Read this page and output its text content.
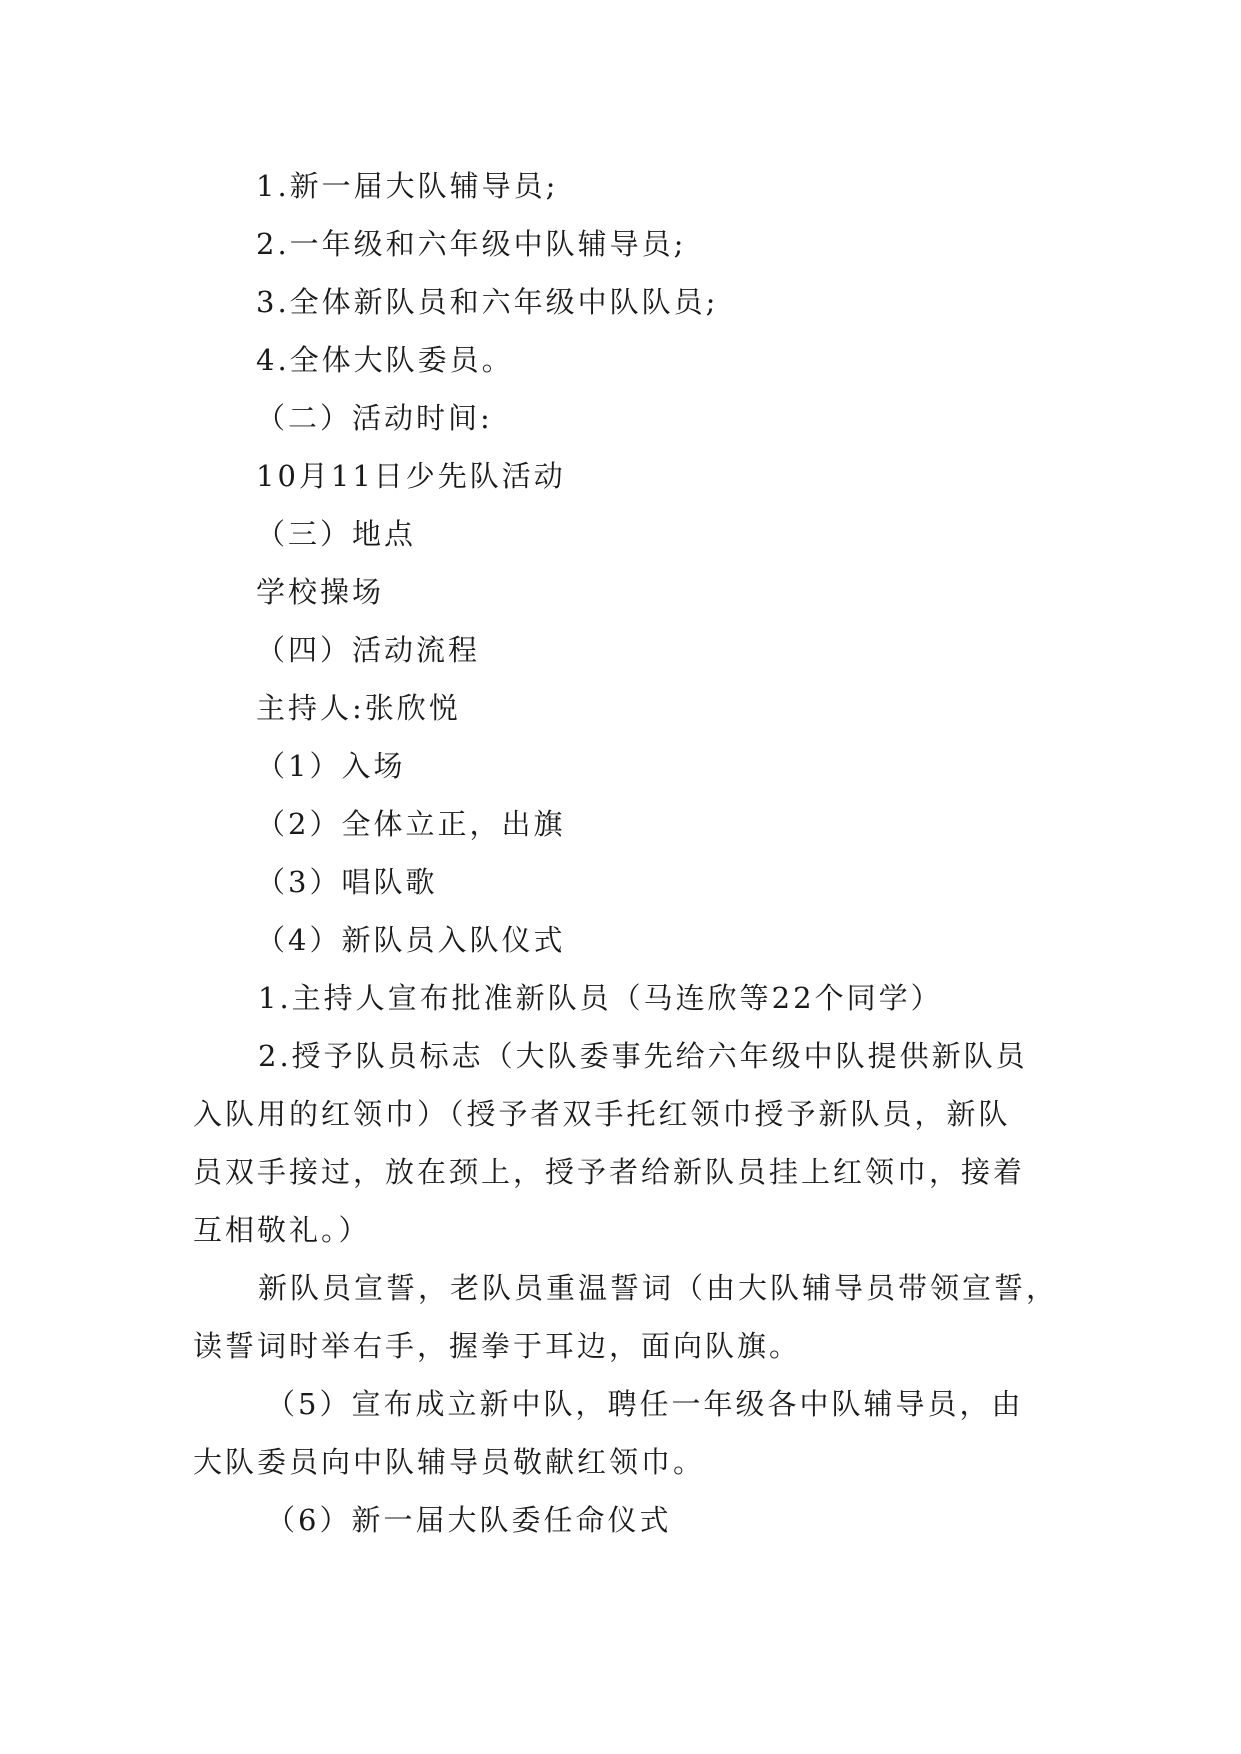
1.新一届大队辅导员;

2.一年级和六年级中队辅导员;

3.全体新队员和六年级中队队员;

4.全体大队委员。

（二）活动时间:

10月11日少先队活动

（三）地点

学校操场

（四）活动流程

主持人:张欣悦

（1）入场

（2）全体立正，出旗

（3）唱队歌

（4）新队员入队仪式

1.主持人宣布批准新队员（马连欣等22个同学）

2.授予队员标志（大队委事先给六年级中队提供新队员

入队用的红领巾）（授予者双手托红领巾授予新队员，新队

员双手接过，放在颈上，授予者给新队员挂上红领巾，接着

互相敬礼。）

新队员宣誓，老队员重温誓词（由大队辅导员带领宣誓，

读誓词时举右手，握拳于耳边，面向队旗。

（5）宣布成立新中队，聘任一年级各中队辅导员，由

大队委员向中队辅导员敬献红领巾。

（6）新一届大队委任命仪式
